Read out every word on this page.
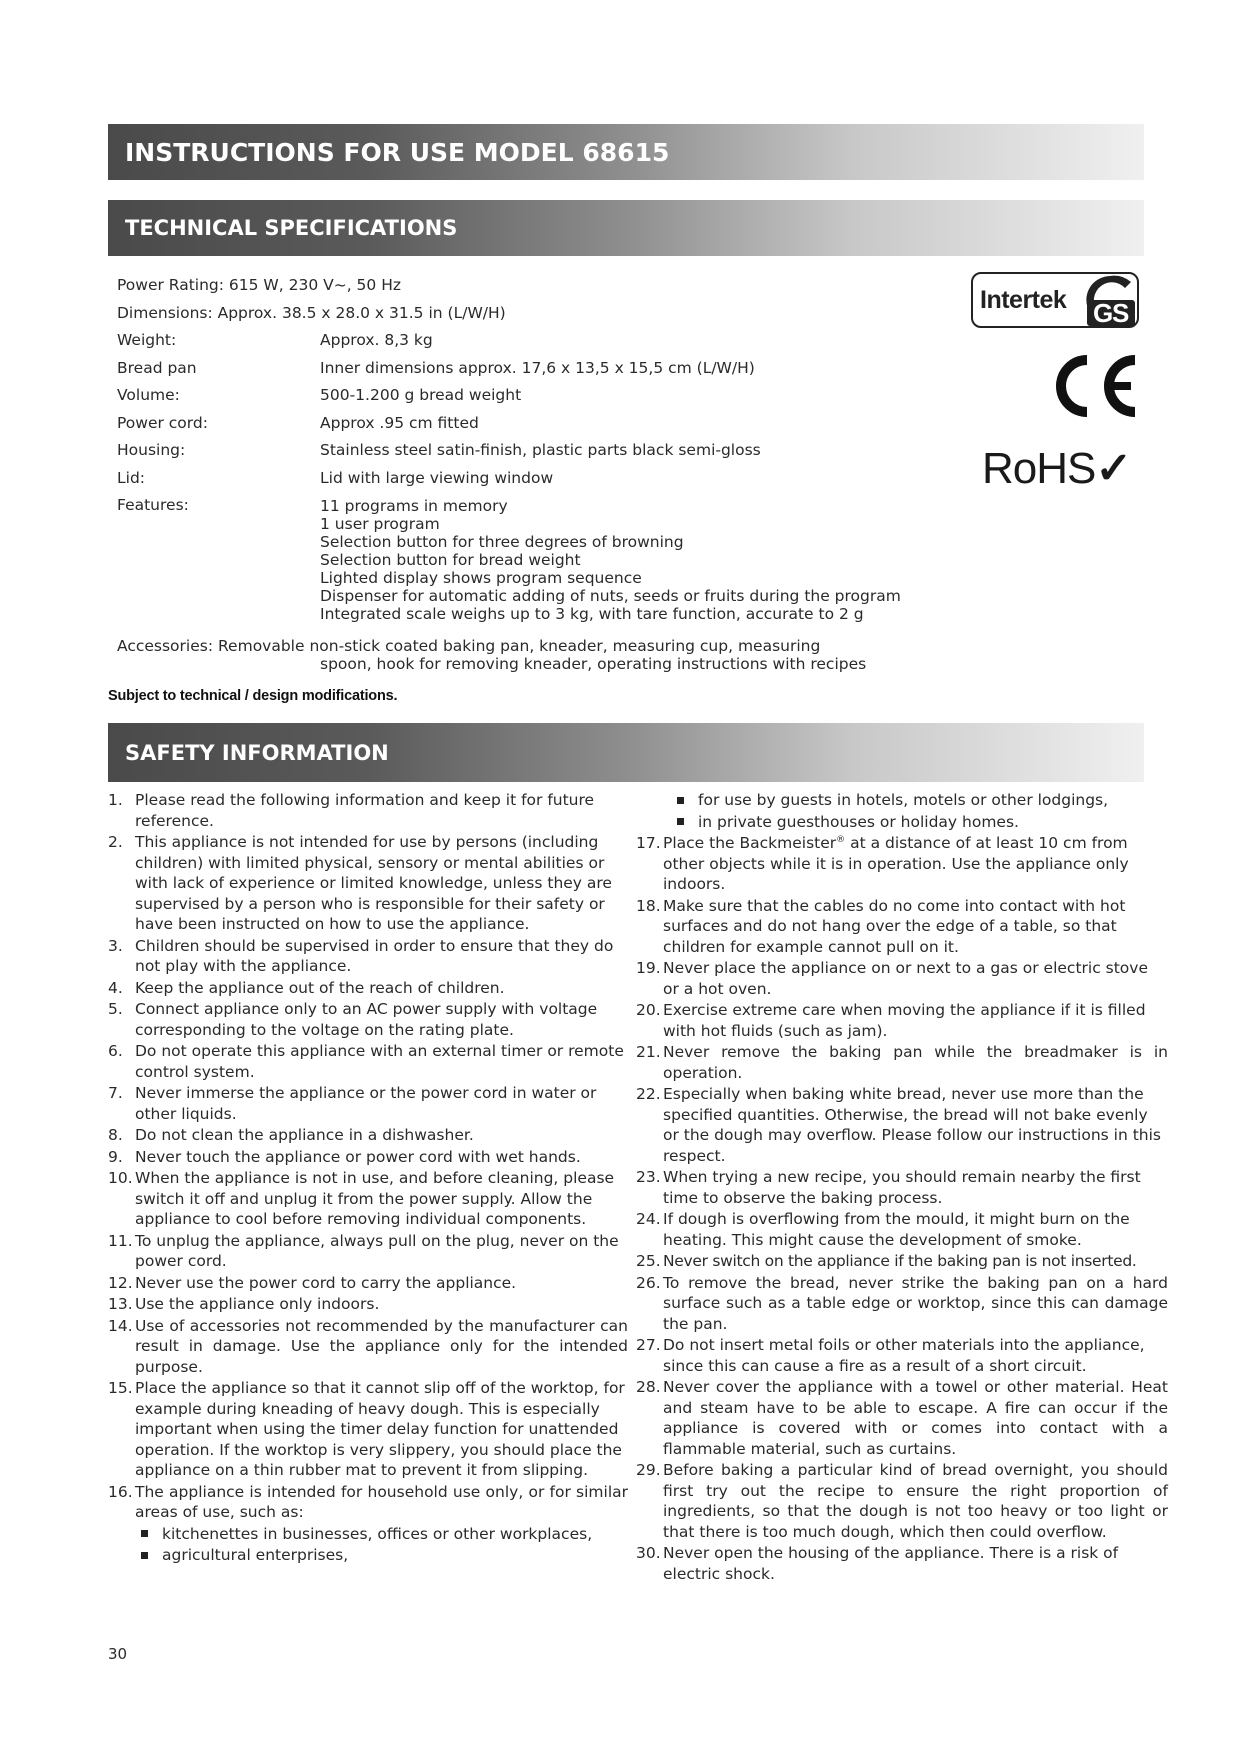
INSTRUCTIONS FOR USE MODEL 68615
TECHNICAL SPECIFICATIONS
Power Rating: 615 W, 230 V~, 50 Hz
Dimensions: Approx. 38.5 x 28.0 x 31.5 in (L/W/H)
Weight:	Approx. 8,3 kg
Bread pan	Inner dimensions approx. 17,6 x 13,5 x 15,5 cm (L/W/H)
Volume:	500-1.200 g bread weight
Power cord:	Approx .95 cm fitted
Housing:	Stainless steel satin-finish, plastic parts black semi-gloss
Lid:	Lid with large viewing window
Features:	11 programs in memory
1 user program
Selection button for three degrees of browning
Selection button for bread weight
Lighted display shows program sequence
Dispenser for automatic adding of nuts, seeds or fruits during the program
Integrated scale weighs up to 3 kg, with tare function, accurate to 2 g
Accessories: Removable non-stick coated baking pan, kneader, measuring cup, measuring
spoon, hook for removing kneader, operating instructions with recipes
Subject to technical / design modifications.
Intertek G
S
RoHS✓
SAFETY INFORMATION
1. Please read the following information and keep it for future reference.
2. This appliance is not intended for use by persons (including children) with limited physical, sensory or mental abilities or with lack of experience or limited knowledge, unless they are supervised by a person who is responsible for their safety or have been instructed on how to use the appliance.
3. Children should be supervised in order to ensure that they do not play with the appliance.
4. Keep the appliance out of the reach of children.
5. Connect appliance only to an AC power supply with voltage corresponding to the voltage on the rating plate.
6. Do not operate this appliance with an external timer or remote control system.
7. Never immerse the appliance or the power cord in water or other liquids.
8. Do not clean the appliance in a dishwasher.
9. Never touch the appliance or power cord with wet hands.
10. When the appliance is not in use, and before cleaning, please switch it off and unplug it from the power supply. Allow the appliance to cool before removing individual components.
11. To unplug the appliance, always pull on the plug, never on the power cord.
12. Never use the power cord to carry the appliance.
13. Use the appliance only indoors.
14. Use of accessories not recommended by the manufacturer can result in damage. Use the appliance only for the intended purpose.
15. Place the appliance so that it cannot slip off of the worktop, for example during kneading of heavy dough. This is especially important when using the timer delay function for unattended operation. If the worktop is very slippery, you should place the appliance on a thin rubber mat to prevent it from slipping.
16. The appliance is intended for household use only, or for similar areas of use, such as:
kitchenettes in businesses, offices or other workplaces,
agricultural enterprises,
for use by guests in hotels, motels or other lodgings,
in private guesthouses or holiday homes.
17. Place the Backmeister® at a distance of at least 10 cm from other objects while it is in operation. Use the appliance only indoors.
18. Make sure that the cables do no come into contact with hot surfaces and do not hang over the edge of a table, so that children for example cannot pull on it.
19. Never place the appliance on or next to a gas or electric stove or a hot oven.
20. Exercise extreme care when moving the appliance if it is filled with hot fluids (such as jam).
21. Never remove the baking pan while the breadmaker is in operation.
22. Especially when baking white bread, never use more than the specified quantities. Otherwise, the bread will not bake evenly or the dough may overflow. Please follow our instructions in this respect.
23. When trying a new recipe, you should remain nearby the first time to observe the baking process.
24. If dough is overflowing from the mould, it might burn on the heating. This might cause the development of smoke.
25. Never switch on the appliance if the baking pan is not inserted.
26. To remove the bread, never strike the baking pan on a hard surface such as a table edge or worktop, since this can damage the pan.
27. Do not insert metal foils or other materials into the appliance, since this can cause a fire as a result of a short circuit.
28. Never cover the appliance with a towel or other material. Heat and steam have to be able to escape. A fire can occur if the appliance is covered with or comes into contact with a flammable material, such as curtains.
29. Before baking a particular kind of bread overnight, you should first try out the recipe to ensure the right proportion of ingredients, so that the dough is not too heavy or too light or that there is too much dough, which then could overflow.
30. Never open the housing of the appliance. There is a risk of electric shock.
30
